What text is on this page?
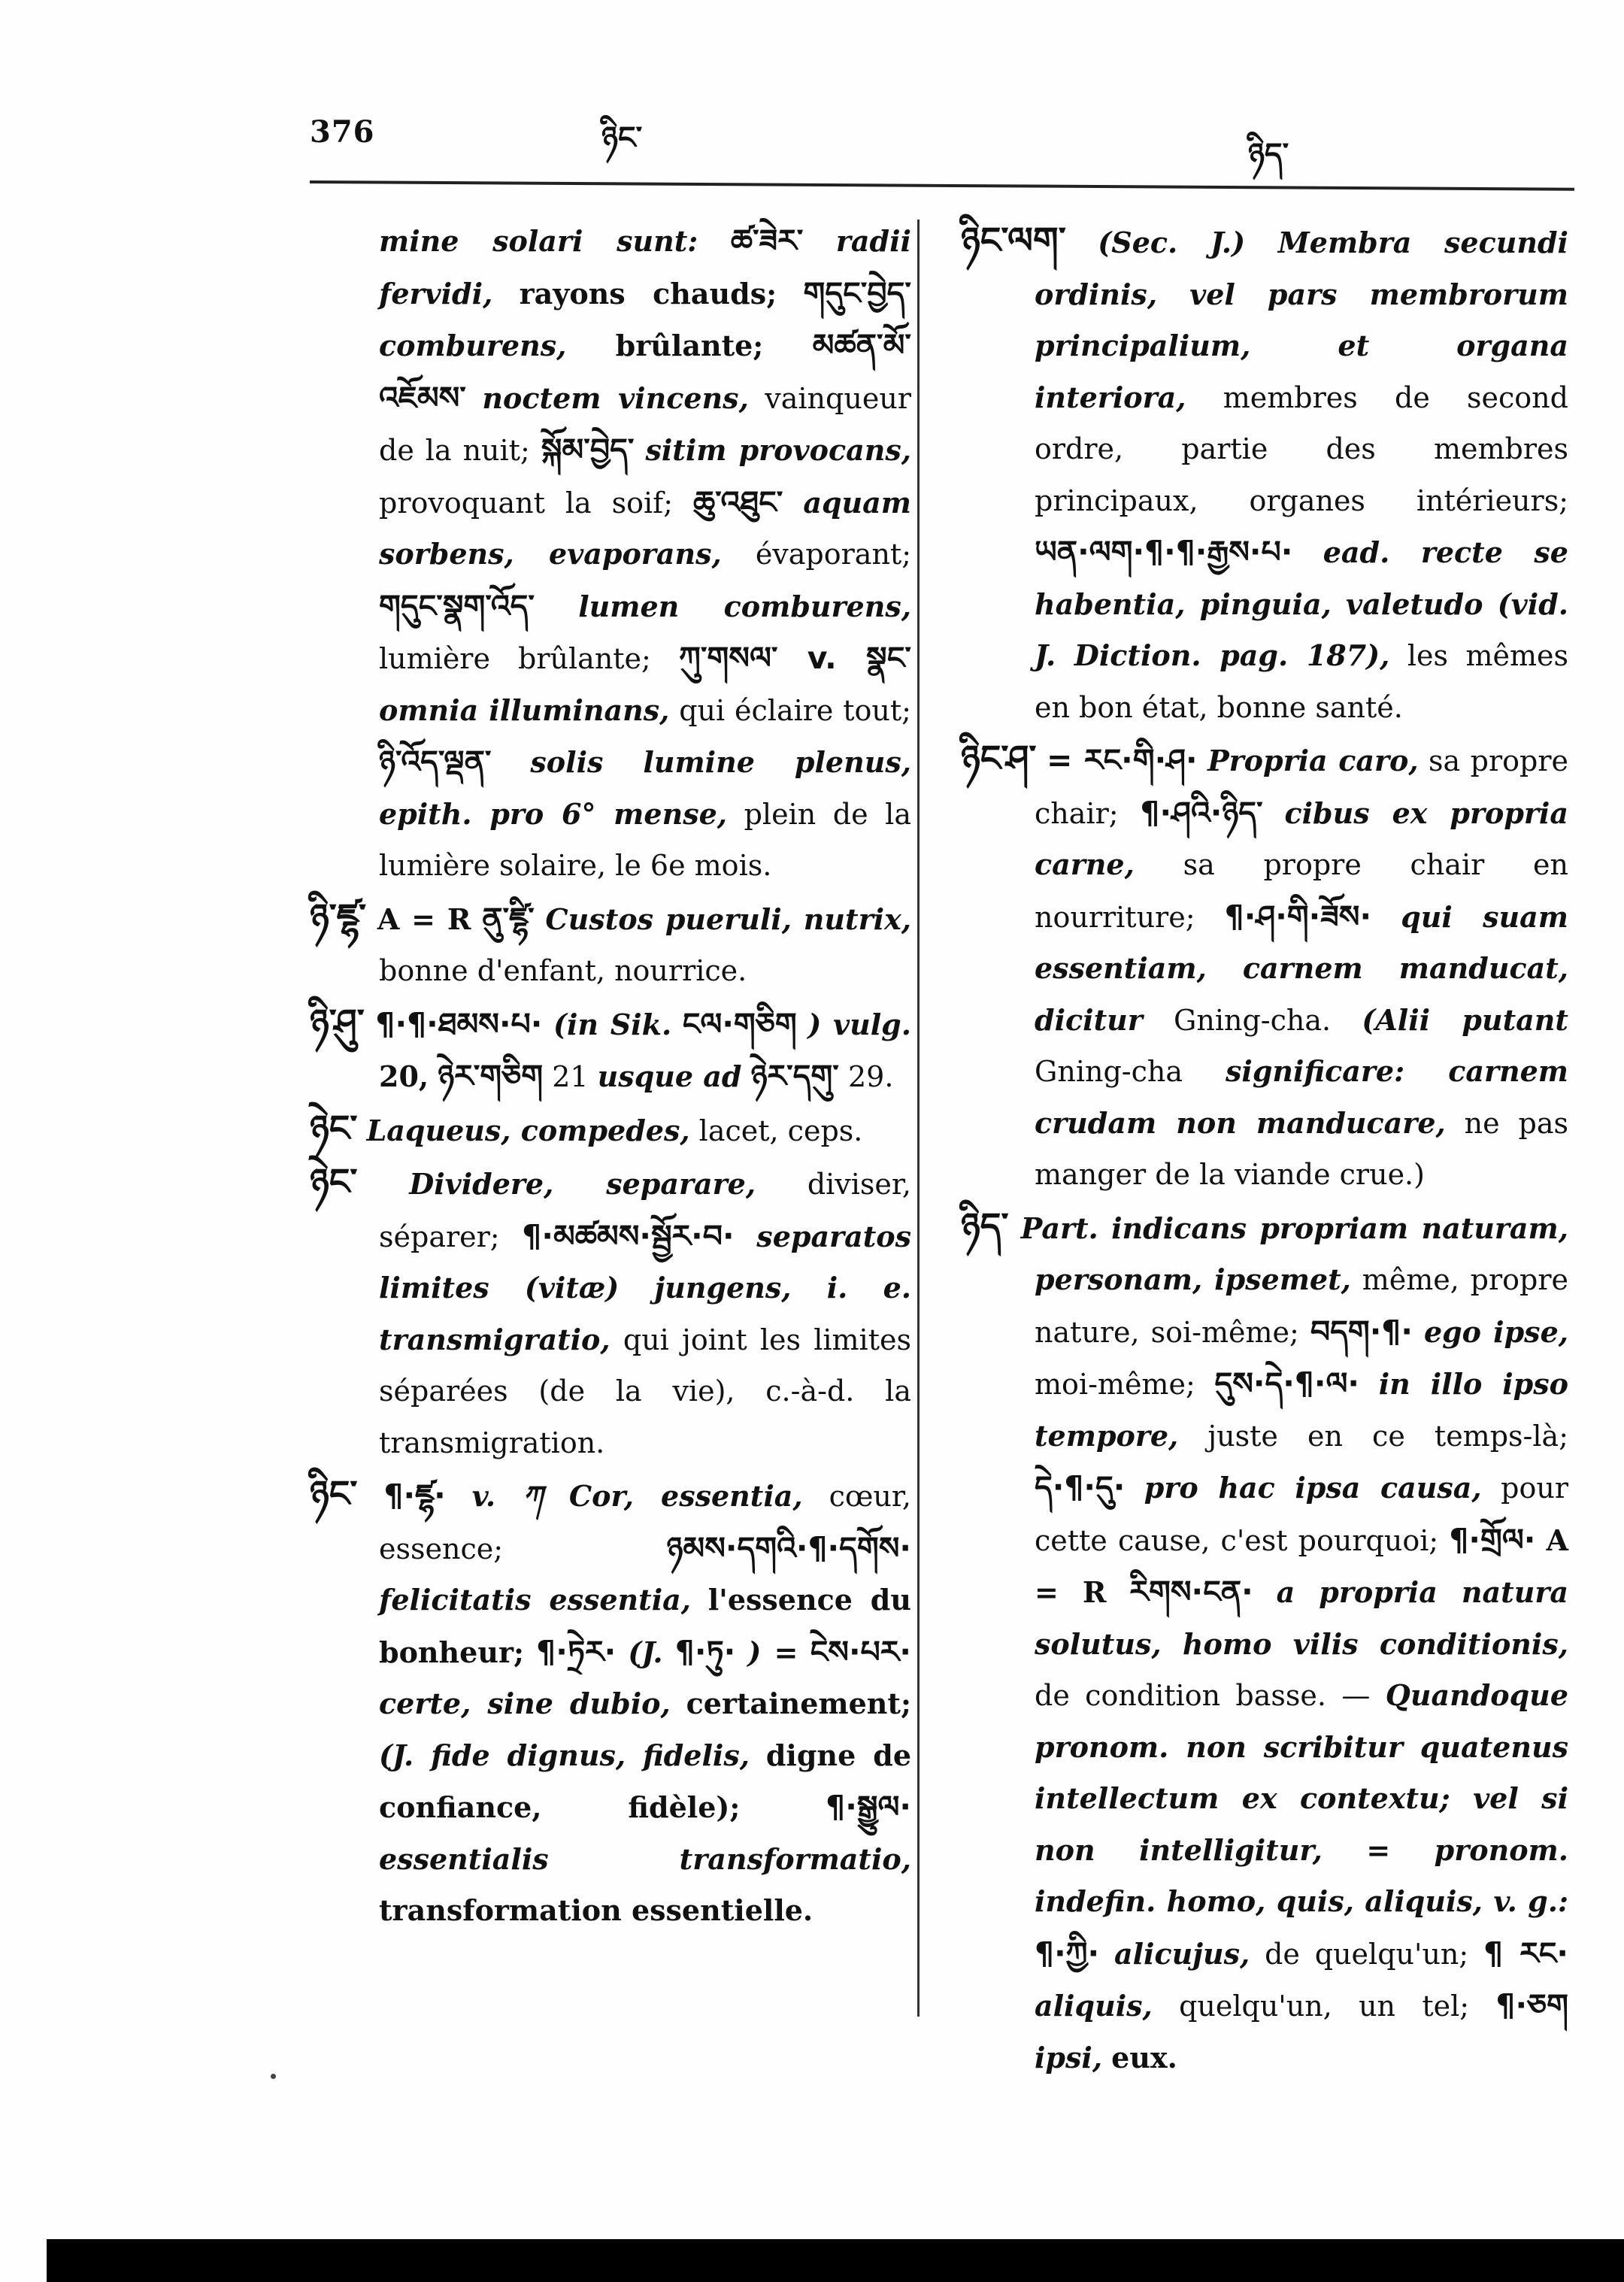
376	ཉིང་	ཉིད་

mine solari sunt: ཚ་ཟེར་ radii fervidi, rayons chauds; གདུང་བྱེད་ comburens, brûlante; མཚན་མོ་འཇོམས་ noctem vincens, vainqueur de la nuit; སྐོམ་བྱེད་ sitim provocans, provoquant la soif; ཆུ་འཐུང་ aquam sorbens, evaporans, évaporant; གདུང་སྣག་འོད་ lumen comburens, lumière brûlante; ཀུ་གསལ་ v. སྣང་ omnia illuminans, qui éclaire tout; ཉི་འོད་ལྡན་ solis lumine plenus, epith. pro 6° mense, plein de la lumière solaire, le 6e mois.

ཉི་ཛྷ་ A = R ནུ་ཛྷི་ Custos pueruli, nutrix, bonne d'enfant, nourrice.

ཉི་ཤུ་ ¶·¶·ཐམས·པ· (in Sik. ངལ·གཅིག ) vulg. 20, ཉེར་གཅིག 21 usque ad ཉེར་དགུ་ 29.

ཉེང་ Laqueus, compedes, lacet, ceps.

ཉེང་ Dividere, separare, diviser, séparer; ¶·མཚམས·སྦྱོར·བ· separatos limites (vitæ) jungens, i. e. transmigratio, qui joint les limites séparées (de la vie), c.-à-d. la transmigration.

ཉིང་ ¶·ཛྷ· v. ཀ Cor, essentia, cœur, essence;	ཉམས·དགའི·¶·དགོས· felicitatis essentia, l'essence du bonheur; ¶·ཏྲེར· (J. ¶·ཏུ· ) = ངེས·པར· certe, sine dubio, certainement; (J. fide dignus, fidelis, digne de confiance, fidèle);	¶·སྒྱུལ· essentialis transformatio, transformation essentielle.

ཉིང་ལག་ (Sec. J.) Membra secundi ordinis, vel pars membrorum principalium, et organa interiora, membres de second ordre, partie des membres principaux, organes intérieurs; ཡན·ལག·¶·¶·རྒྱས·པ· ead. recte se habentia, pinguia, valetudo (vid. J. Diction. pag. 187), les mêmes en bon état, bonne santé.

ཉིང་ཤ་ = རང·གི·ཤ· Propria caro, sa propre chair; ¶·ཤའི·ཉིད་ cibus ex propria carne, sa propre chair en nourriture; ¶·ཤ·གི·ཟོས· qui suam essentiam, carnem manducat, dicitur Gning-cha. (Alii putant Gning-cha significare: carnem crudam non manducare, ne pas manger de la viande crue.)

ཉིད་ Part. indicans propriam naturam, personam, ipsemet, même, propre nature, soi-même; བདག·¶· ego ipse, moi-même; དུས·དེ·¶·ལ· in illo ipso tempore, juste en ce temps-là; དེ·¶·དུ· pro hac ipsa causa, pour cette cause, c'est pourquoi; ¶·གྲོལ· A = R རིགས·ངན· a propria natura solutus, homo vilis conditionis, de condition basse. — Quandoque pronom. non scribitur quatenus intellectum ex contextu; vel si non intelligitur, = pronom. indefin. homo, quis, aliquis, v. g.: ¶·ཀྱི· alicujus, de quelqu'un; ¶ རང· aliquis, quelqu'un, un tel; ¶·ཅག ipsi, eux.
